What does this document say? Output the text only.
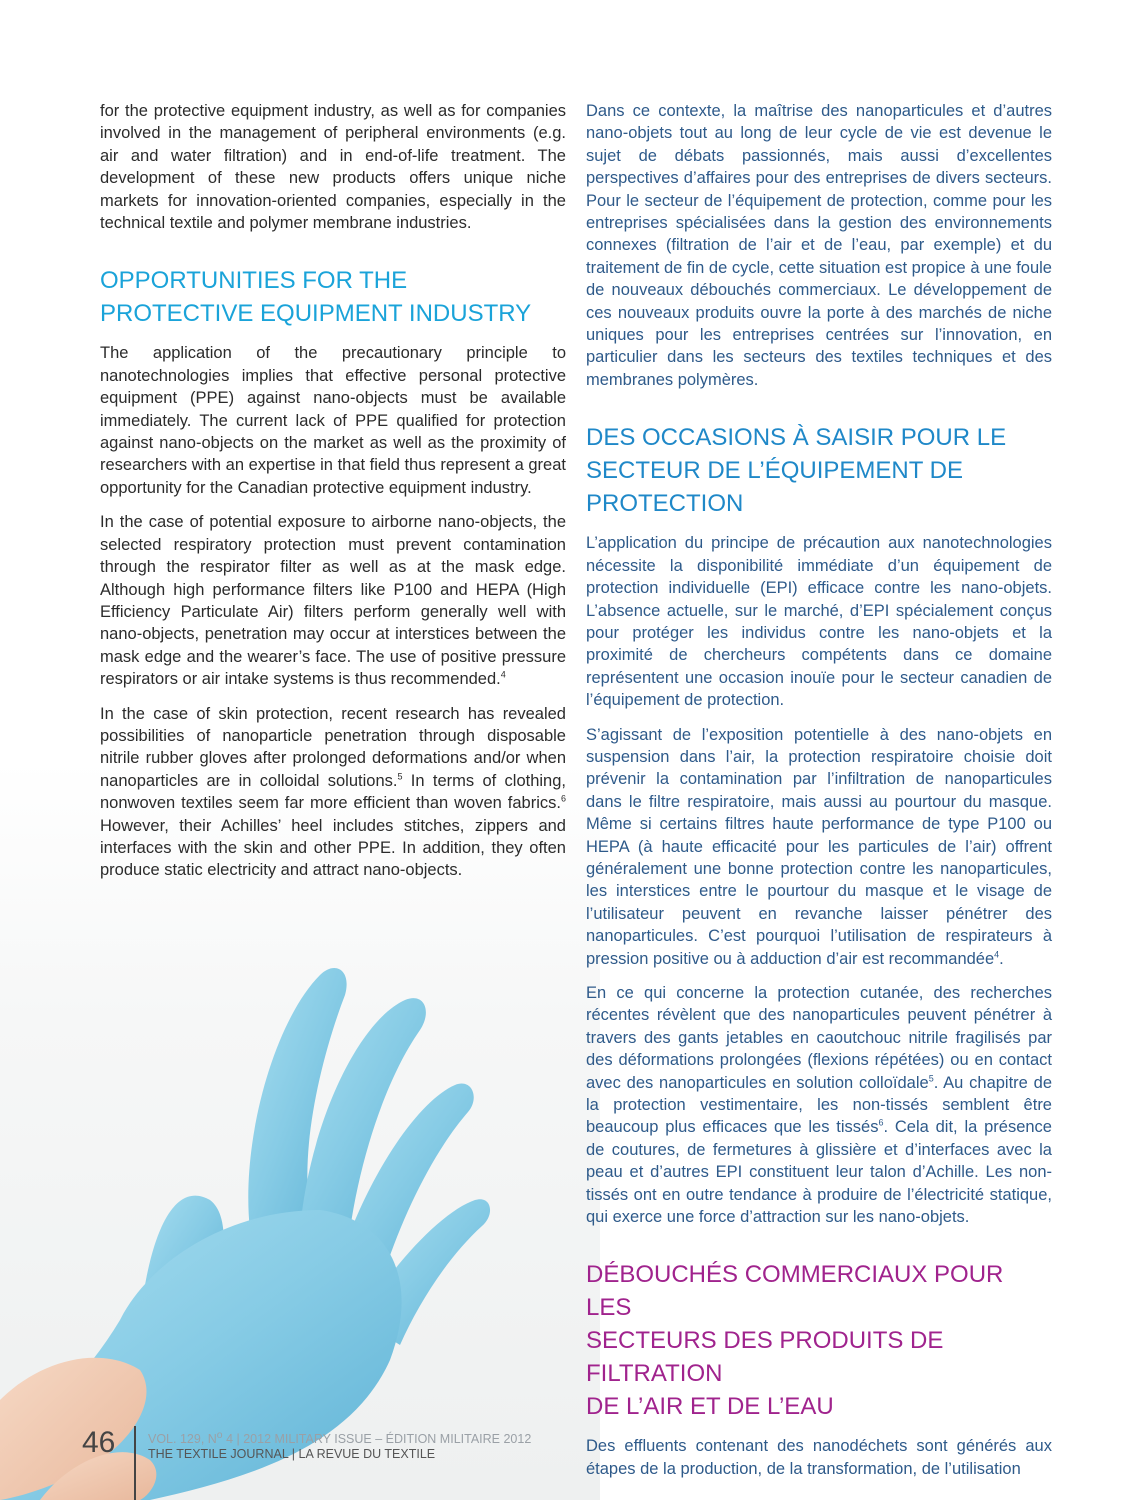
for the protective equipment industry, as well as for companies involved in the management of peripheral environments (e.g. air and water filtration) and in end-of-life treatment. The development of these new products offers unique niche markets for innovation-oriented companies, especially in the technical textile and polymer membrane industries.

OPPORTUNITIES FOR THE PROTECTIVE EQUIPMENT INDUSTRY

The application of the precautionary principle to nanotechnologies implies that effective personal protective equipment (PPE) against nano-objects must be available immediately. The current lack of PPE qualified for protection against nano-objects on the market as well as the proximity of researchers with an expertise in that field thus represent a great opportunity for the Canadian protective equipment industry.

In the case of potential exposure to airborne nano-objects, the selected respiratory protection must prevent contamination through the respirator filter as well as at the mask edge. Although high performance filters like P100 and HEPA (High Efficiency Particulate Air) filters perform generally well with nano-objects, penetration may occur at interstices between the mask edge and the wearer’s face. The use of positive pressure respirators or air intake systems is thus recommended.$^4$

In the case of skin protection, recent research has revealed possibilities of nanoparticle penetration through disposable nitrile rubber gloves after prolonged deformations and/or when nanoparticles are in colloidal solutions.$^5$ In terms of clothing, nonwoven textiles seem far more efficient than woven fabrics.$^6$ However, their Achilles’ heel includes stitches, zippers and interfaces with the skin and other PPE. In addition, they often produce static electricity and attract nano-objects.

Dans ce contexte, la maîtrise des nanoparticules et d’autres nano-objets tout au long de leur cycle de vie est devenue le sujet de débats passionnés, mais aussi d’excellentes perspectives d’affaires pour des entreprises de divers secteurs. Pour le secteur de l’équipement de protection, comme pour les entreprises spécialisées dans la gestion des environnements connexes (filtration de l’air et de l’eau, par exemple) et du traitement de fin de cycle, cette situation est propice à une foule de nouveaux débouchés commerciaux. Le développement de ces nouveaux produits ouvre la porte à des marchés de niche uniques pour les entreprises centrées sur l’innovation, en particulier dans les secteurs des textiles techniques et des membranes polymères.

DES OCCASIONS À SAISIR POUR LE SECTEUR DE L’ÉQUIPEMENT DE PROTECTION

L’application du principe de précaution aux nanotechnologies nécessite la disponibilité immédiate d’un équipement de protection individuelle (EPI) efficace contre les nano-objets. L’absence actuelle, sur le marché, d’EPI spécialement conçus pour protéger les individus contre les nano-objets et la proximité de chercheurs compétents dans ce domaine représentent une occasion inouïe pour le secteur canadien de l’équipement de protection.

S’agissant de l’exposition potentielle à des nano-objets en suspension dans l’air, la protection respiratoire choisie doit prévenir la contamination par l’infiltration de nanoparticules dans le filtre respiratoire, mais aussi au pourtour du masque. Même si certains filtres haute performance de type P100 ou HEPA (à haute efficacité pour les particules de l’air) offrent généralement une bonne protection contre les nanoparticules, les interstices entre le pourtour du masque et le visage de l’utilisateur peuvent en revanche laisser pénétrer des nanoparticules. C’est pourquoi l’utilisation de respirateurs à pression positive ou à adduction d’air est recommandée$^4$.

En ce qui concerne la protection cutanée, des recherches récentes révèlent que des nanoparticules peuvent pénétrer à travers des gants jetables en caoutchouc nitrile fragilisés par des déformations prolongées (flexions répétées) ou en contact avec des nanoparticules en solution colloïdale$^5$. Au chapitre de la protection vestimentaire, les non-tissés semblent être beaucoup plus efficaces que les tissés$^6$. Cela dit, la présence de coutures, de fermetures à glissière et d’interfaces avec la peau et d’autres EPI constituent leur talon d’Achille. Les non-tissés ont en outre tendance à produire de l’électricité statique, qui exerce une force d’attraction sur les nano-objets.

DÉBOUCHÉS COMMERCIAUX POUR LES
SECTEURS DES PRODUITS DE FILTRATION
DE L’AIR ET DE L’EAU

Des effluents contenant des nanodéchets sont générés aux étapes de la production, de la transformation, de l’utilisation

46	VOL. 129, $N^o$ 4 | 2012 MILITARY ISSUE – ÉDITION MILITAIRE 2012
THE TEXTILE JOURNAL | LA REVUE DU TEXTILE
